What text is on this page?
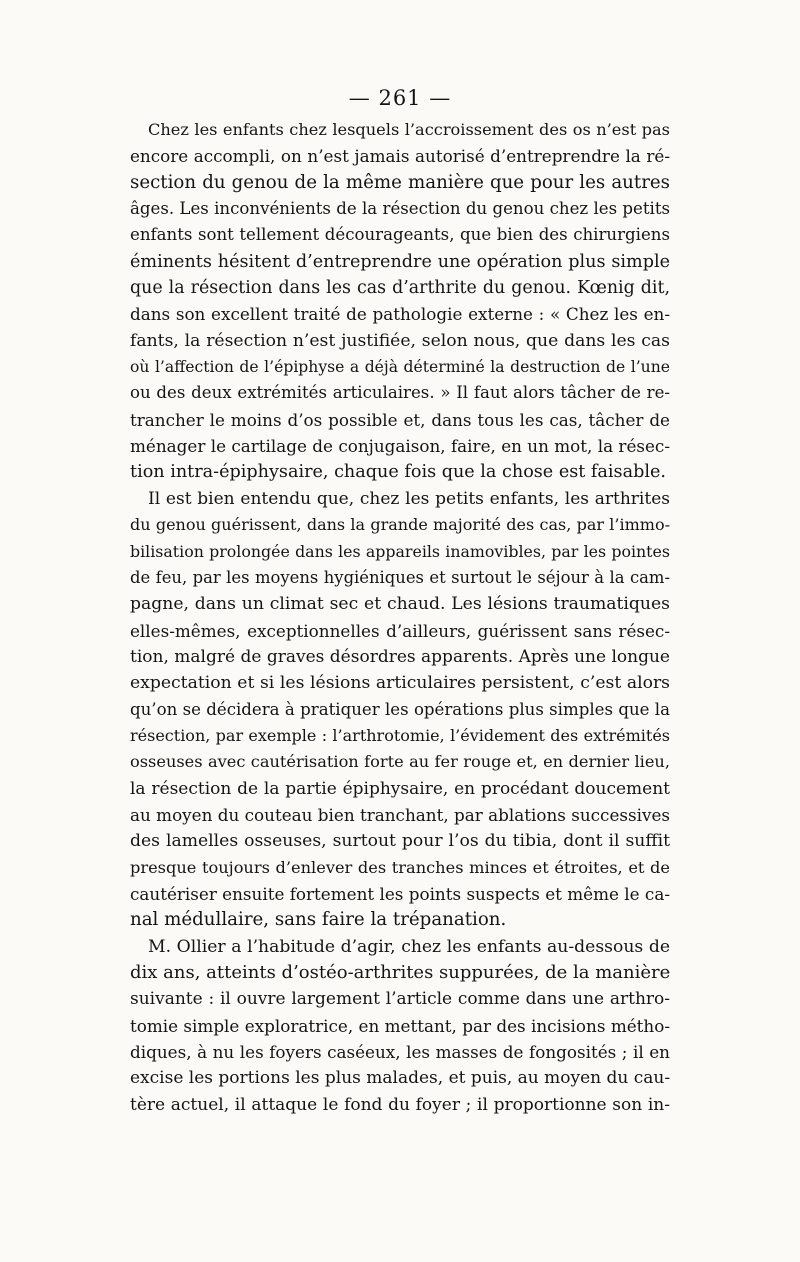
— 261 —
Chez les enfants chez lesquels l’accroissement des os n’est pas
encore accompli, on n’est jamais autorisé d’entreprendre la ré-
section du genou de la même manière que pour les autres
âges. Les inconvénients de la résection du genou chez les petits
enfants sont tellement décourageants, que bien des chirurgiens
éminents hésitent d’entreprendre une opération plus simple
que la résection dans les cas d’arthrite du genou. Kœnig dit,
dans son excellent traité de pathologie externe : « Chez les en-
fants, la résection n’est justifiée, selon nous, que dans les cas
où l’affection de l’épiphyse a déjà déterminé la destruction de l’une
ou des deux extrémités articulaires. » Il faut alors tâcher de re-
trancher le moins d’os possible et, dans tous les cas, tâcher de
ménager le cartilage de conjugaison, faire, en un mot, la résec-
tion intra-épiphysaire, chaque fois que la chose est faisable.
Il est bien entendu que, chez les petits enfants, les arthrites
du genou guérissent, dans la grande majorité des cas, par l’immo-
bilisation prolongée dans les appareils inamovibles, par les pointes
de feu, par les moyens hygiéniques et surtout le séjour à la cam-
pagne, dans un climat sec et chaud. Les lésions traumatiques
elles-mêmes, exceptionnelles d’ailleurs, guérissent sans résec-
tion, malgré de graves désordres apparents. Après une longue
expectation et si les lésions articulaires persistent, c’est alors
qu’on se décidera à pratiquer les opérations plus simples que la
résection, par exemple : l’arthrotomie, l’évidement des extrémités
osseuses avec cautérisation forte au fer rouge et, en dernier lieu,
la résection de la partie épiphysaire, en procédant doucement
au moyen du couteau bien tranchant, par ablations successives
des lamelles osseuses, surtout pour l’os du tibia, dont il suffit
presque toujours d’enlever des tranches minces et étroites, et de
cautériser ensuite fortement les points suspects et même le ca-
nal médullaire, sans faire la trépanation.
M. Ollier a l’habitude d’agir, chez les enfants au-dessous de
dix ans, atteints d’ostéo-arthrites suppurées, de la manière
suivante : il ouvre largement l’article comme dans une arthro-
tomie simple exploratrice, en mettant, par des incisions métho-
diques, à nu les foyers caséeux, les masses de fongosités ; il en
excise les portions les plus malades, et puis, au moyen du cau-
tère actuel, il attaque le fond du foyer ; il proportionne son in-
